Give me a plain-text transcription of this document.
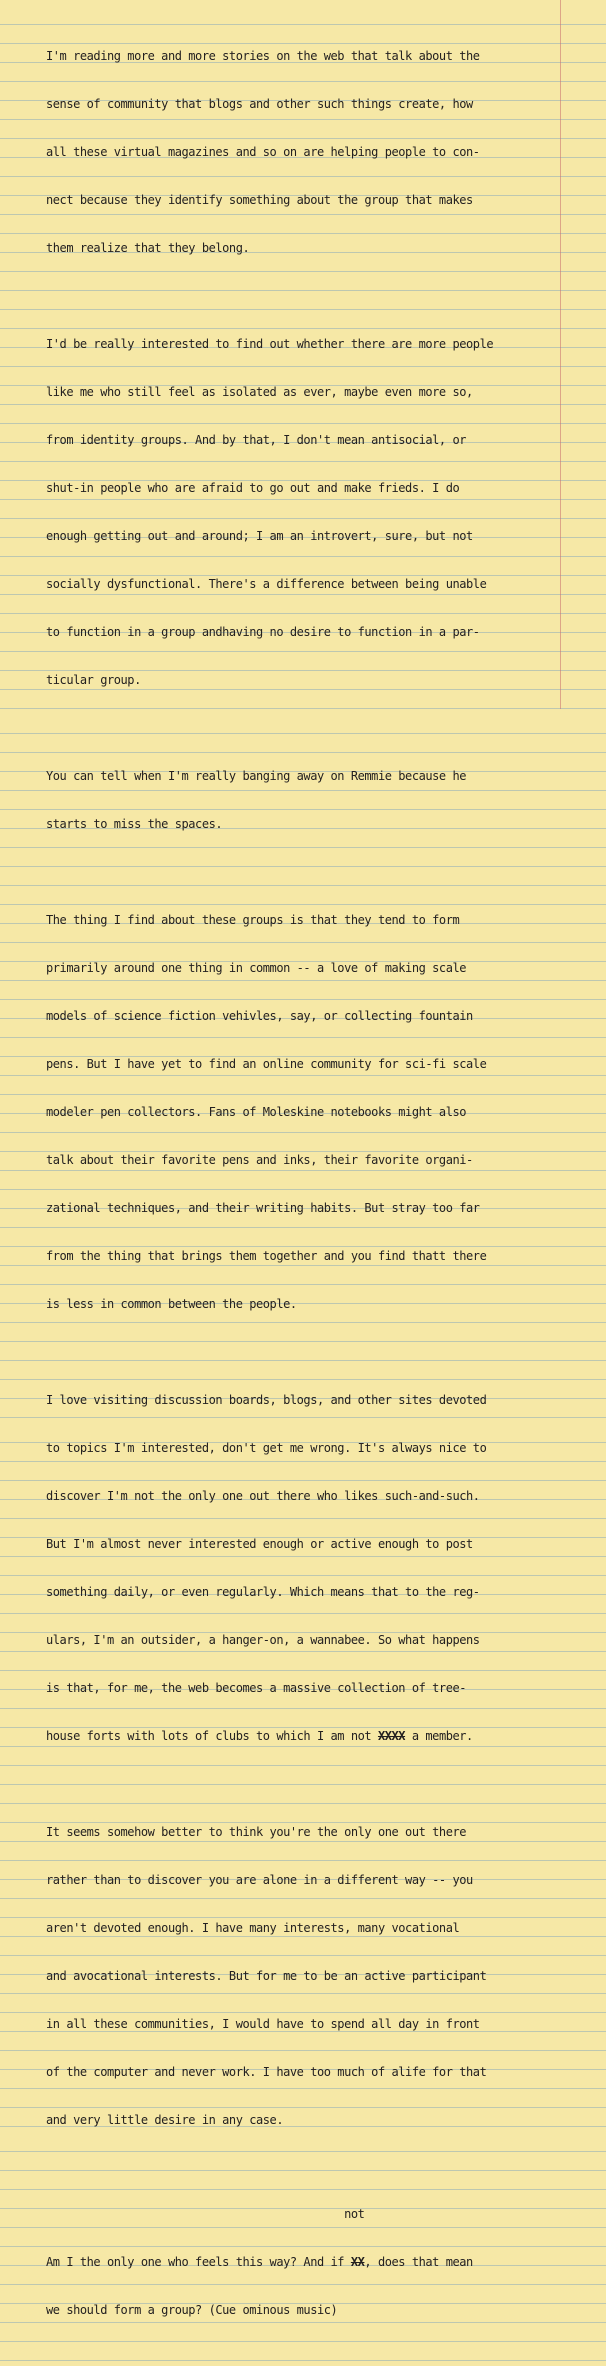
I'm reading more and more stories on the web that talk about the

sense of community that blogs and other such things create, how

all these virtual magazines and so on are helping people to con-

nect because they identify something about the group that makes

them realize that they belong.

I'd be really interested to find out whether there are more people

like me who still feel as isolated as ever, maybe even more so,

from identity groups. And by that, I don't mean antisocial, or

shut-in people who are afraid to go out and make frieds. I do

enough getting out and around; I am an introvert, sure, but not

socially dysfunctional. There's a difference between being unable

to function in a group andhaving no desire to function in a par-

ticular group.

You can tell when I'm really banging away on Remmie because he

starts to miss the spaces.

The thing I find about these groups is that they tend to form

primarily around one thing in common -- a love of making scale

models of science fiction vehivles, say, or collecting fountain

pens. But I have yet to find an online community for sci-fi scale

modeler pen collectors. Fans of Moleskine notebooks might also

talk about their favorite pens and inks, their favorite organi-

zational techniques, and their writing habits. But stray too far

from the thing that brings them together and you find thatt there

is less in common between the people.

I love visiting discussion boards, blogs, and other sites devoted

to topics I'm interested, don't get me wrong. It's always nice to

discover I'm not the only one out there who likes such-and-such.

But I'm almost never interested enough or active enough to post

something daily, or even regularly. Which means that to the reg-

ulars, I'm an outsider, a hanger-on, a wannabee. So what happens

is that, for me, the web becomes a massive collection of tree-

house forts with lots of clubs to which I am not XXXX a member.

It seems somehow better to think you're the only one out there

rather than to discover you are alone in a different way -- you

aren't devoted enough. I have many interests, many vocational

and avocational interests. But for me to be an active participant

in all these communities, I would have to spend all day in front

of the computer and never work. I have too much of alife for that

and very little desire in any case.

not

Am I the only one who feels this way? And if XX, does that mean

we should form a group? (Cue ominous music)
